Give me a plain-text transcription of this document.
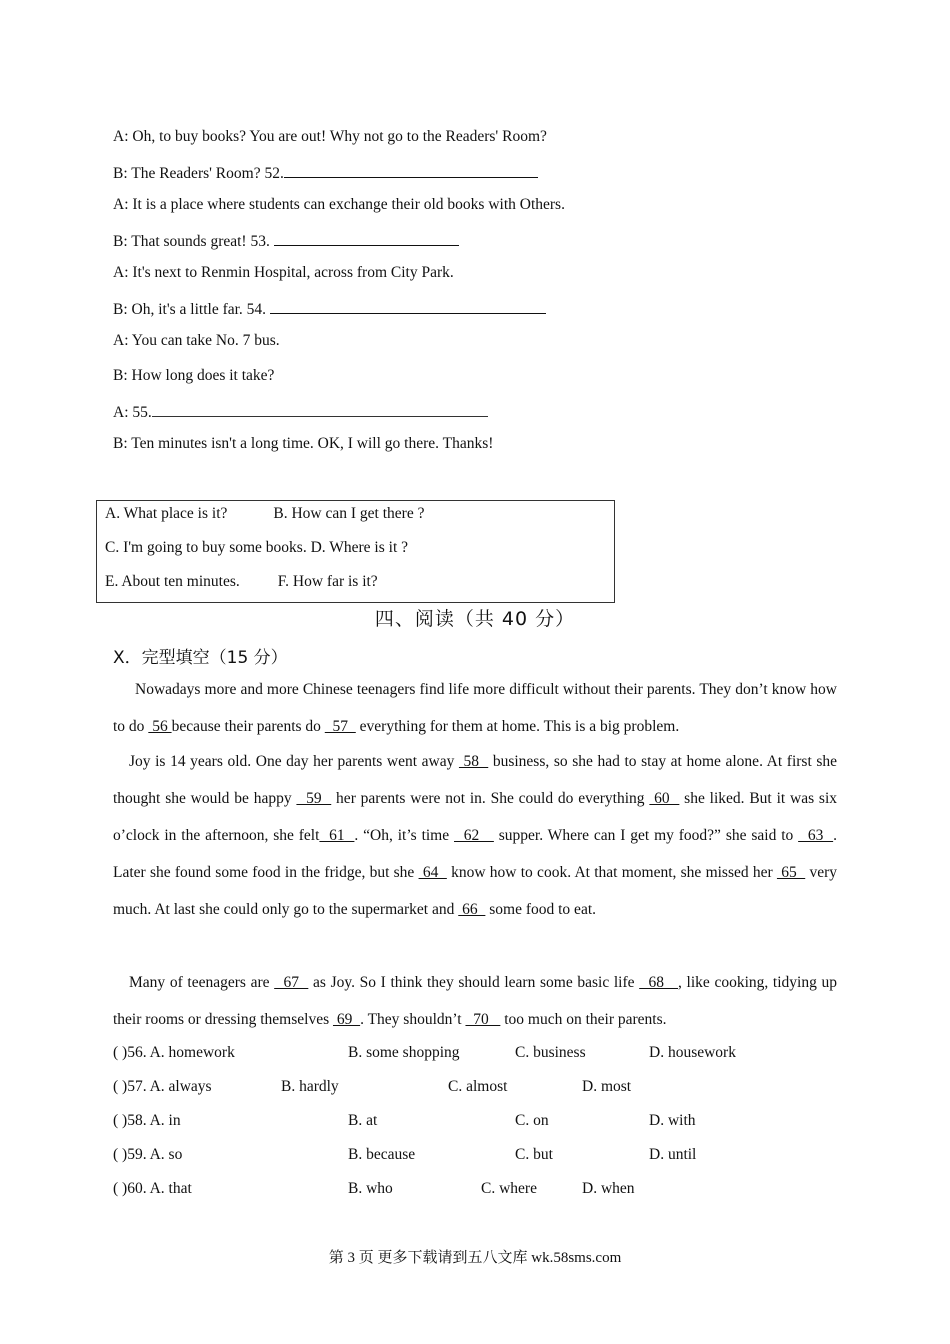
A: Oh, to buy books? You are out! Why not go to the Readers' Room?
B: The Readers' Room? 52.
A: It is a place where students can exchange their old books with Others.
B: That sounds great! 53.
A: It's next to Renmin Hospital, across from City Park.
B: Oh, it's a little far. 54.
A: You can take No. 7 bus.
B: How long does it take?
A: 55.
B: Ten minutes isn't a long time. OK, I will go there. Thanks!
A. What place is it?	B. How can I get there ?
C. I'm going to buy some books. D. Where is it ?
E. About ten minutes. F. How far is it?
四、阅读（共 40 分）
X．完型填空（15 分）
Nowadays more and more Chinese teenagers find life more difficult without their parents. They don’t know how to do  56 because their parents do   57   everything for them at home. This is a big problem.
Joy is 14 years old. One day her parents went away  58   business, so she had to stay at home alone. At first she thought she would be happy   59   her parents were not in. She could do everything  60   she liked. But it was six o’clock in the afternoon, she felt  61  . “Oh, it’s time   62    supper. Where can I get my food?” she said to   63  . Later she found some food in the fridge, but she  64   know how to cook. At that moment, she missed her  65   very much. At last she could only go to the supermarket and  66   some food to eat.
Many of teenagers are   67   as Joy. So I think they should learn some basic life   68   , like cooking, tidying up their rooms or dressing themselves  69  . They shouldn’t   70    too much on their parents.
( )56. A. homework	B. some shopping	C. business	D. housework
( )57. A. always	B. hardly	C. almost	D. most
( )58. A. in	B. at	C. on	D. with
( )59. A. so	B. because	C. but	D. until
( )60. A. that	B. who	C. where	D. when
第 3 页 更多下载请到五八文库 wk.58sms.com
